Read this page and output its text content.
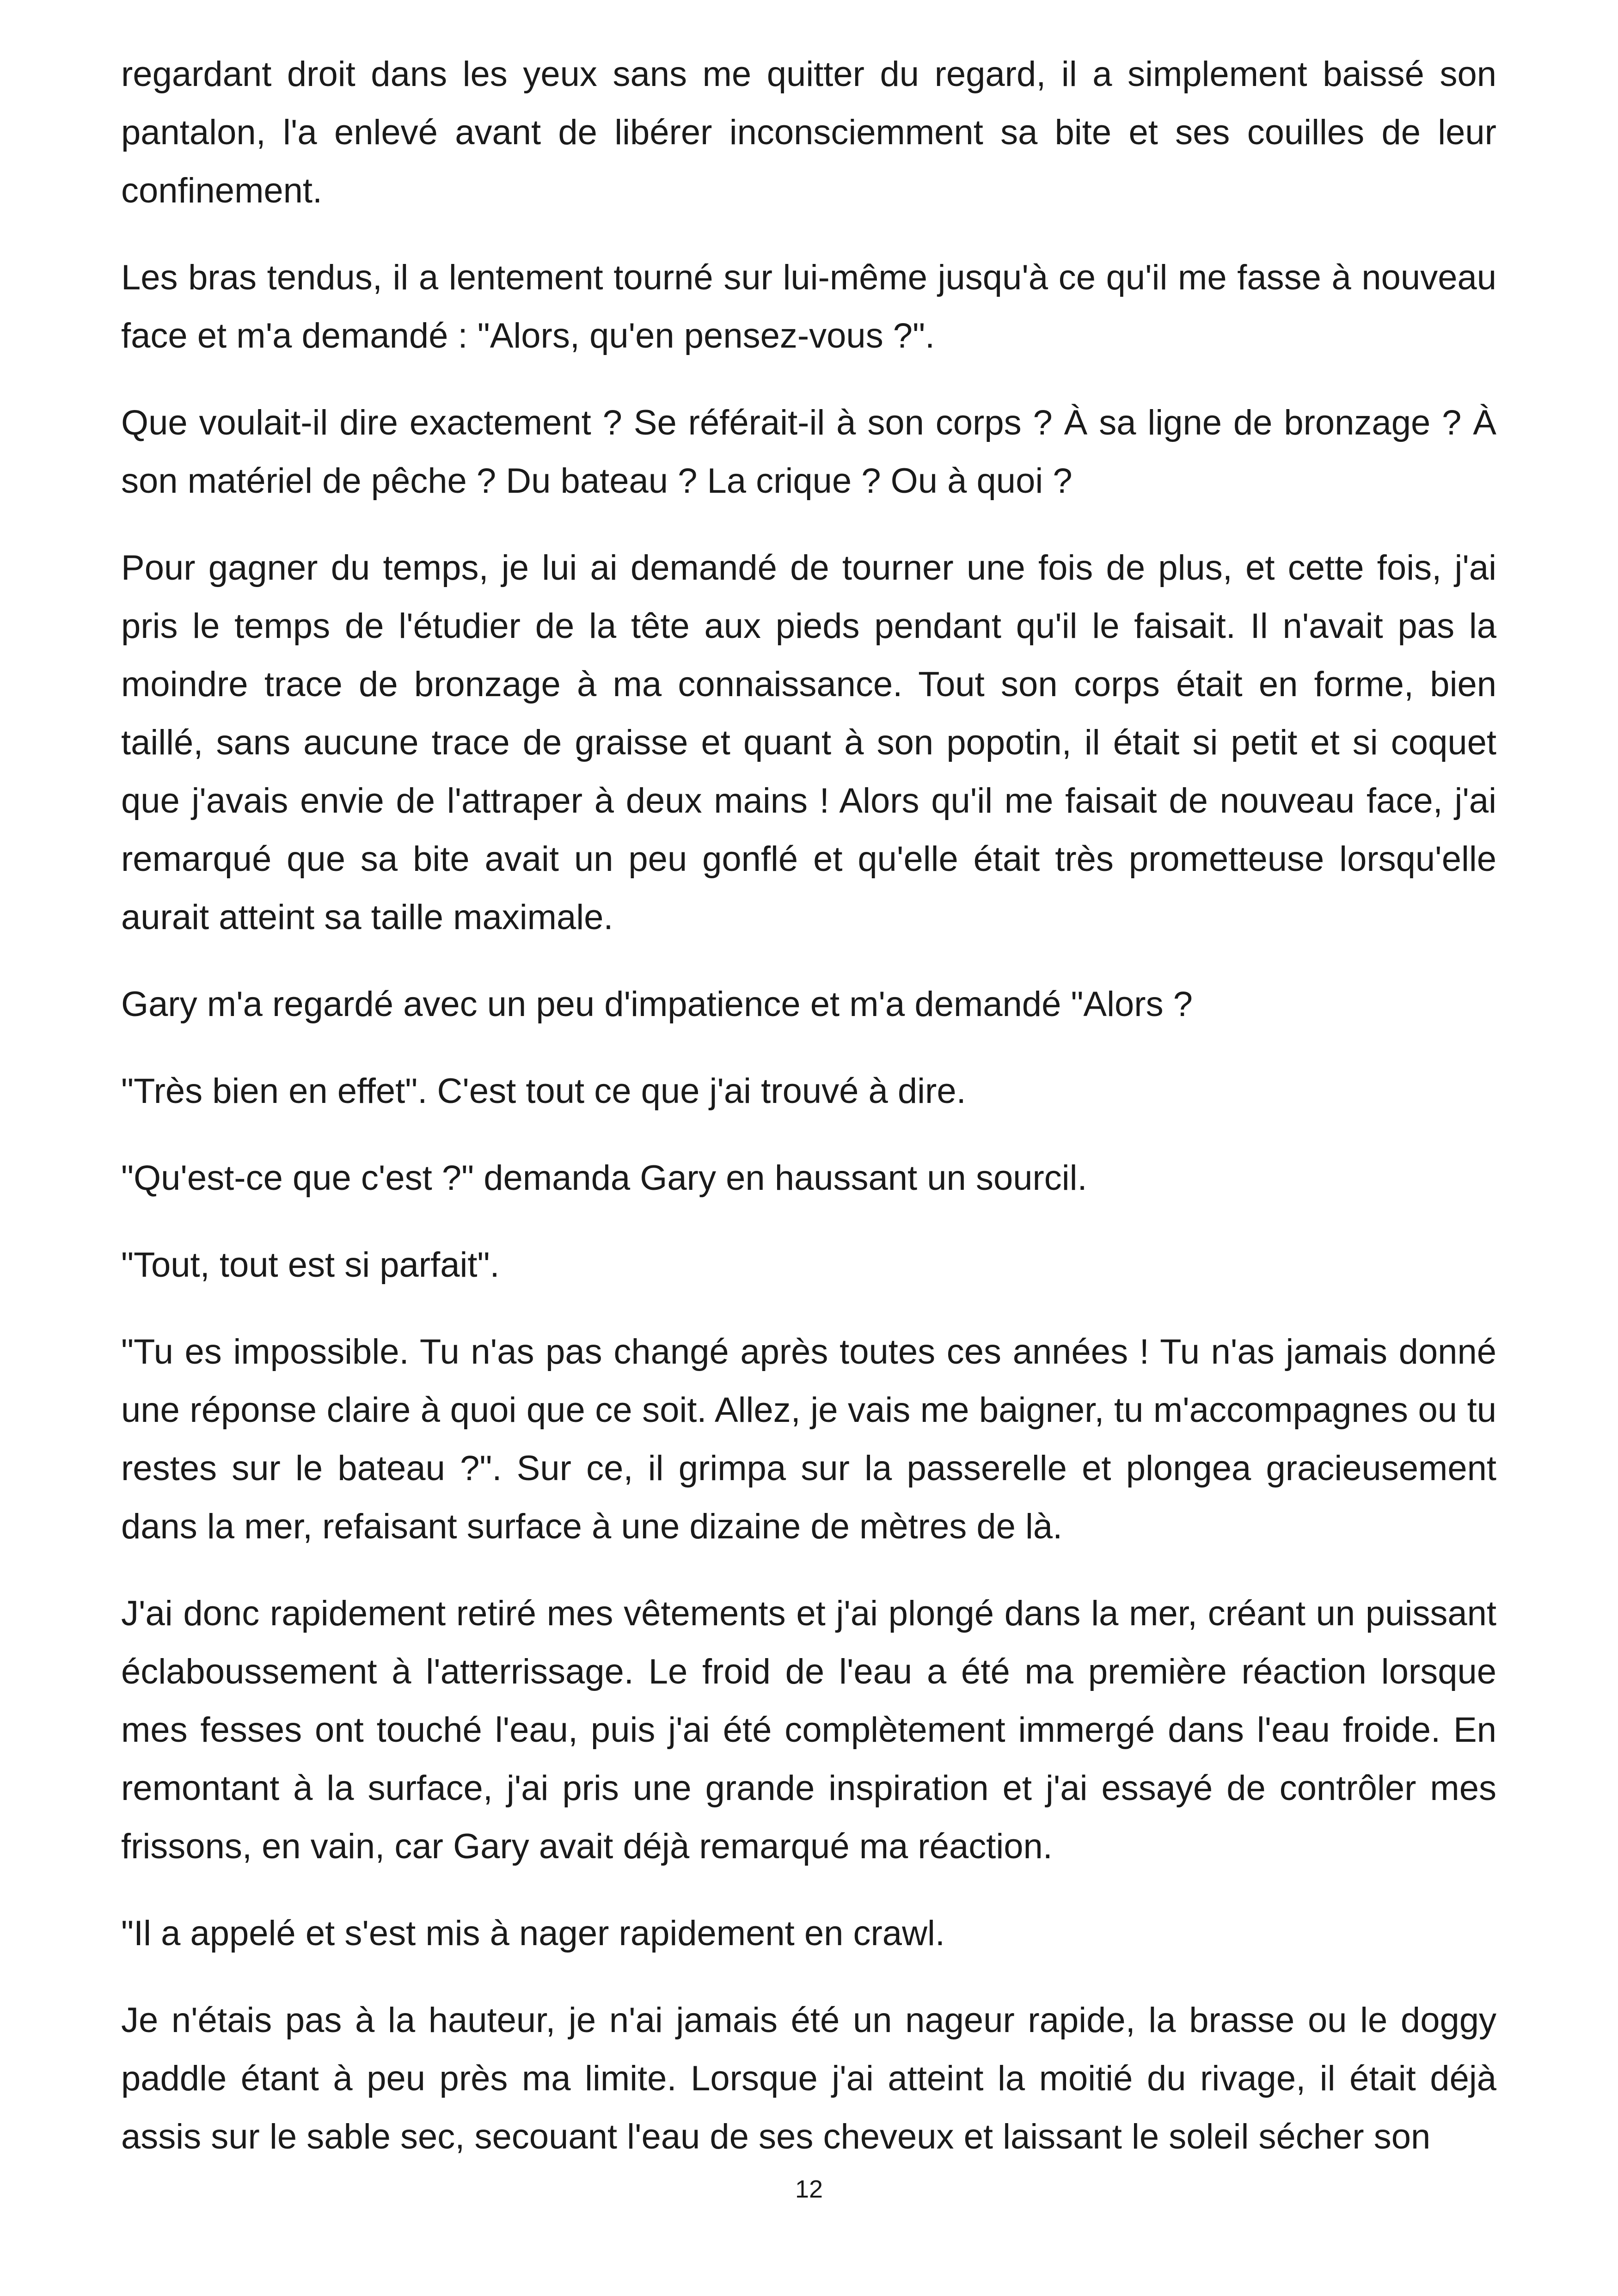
regardant droit dans les yeux sans me quitter du regard, il a simplement baissé son pantalon, l'a enlevé avant de libérer inconsciemment sa bite et ses couilles de leur confinement.

Les bras tendus, il a lentement tourné sur lui-même jusqu'à ce qu'il me fasse à nouveau face et m'a demandé : "Alors, qu'en pensez-vous ?".

Que voulait-il dire exactement ? Se référait-il à son corps ? À sa ligne de bronzage ? À son matériel de pêche ? Du bateau ? La crique ? Ou à quoi ?

Pour gagner du temps, je lui ai demandé de tourner une fois de plus, et cette fois, j'ai pris le temps de l'étudier de la tête aux pieds pendant qu'il le faisait. Il n'avait pas la moindre trace de bronzage à ma connaissance. Tout son corps était en forme, bien taillé, sans aucune trace de graisse et quant à son popotin, il était si petit et si coquet que j'avais envie de l'attraper à deux mains ! Alors qu'il me faisait de nouveau face, j'ai remarqué que sa bite avait un peu gonflé et qu'elle était très prometteuse lorsqu'elle aurait atteint sa taille maximale.

Gary m'a regardé avec un peu d'impatience et m'a demandé "Alors ?

"Très bien en effet". C'est tout ce que j'ai trouvé à dire.

"Qu'est-ce que c'est ?" demanda Gary en haussant un sourcil.

"Tout, tout est si parfait".

"Tu es impossible. Tu n'as pas changé après toutes ces années ! Tu n'as jamais donné une réponse claire à quoi que ce soit. Allez, je vais me baigner, tu m'accompagnes ou tu restes sur le bateau ?". Sur ce, il grimpa sur la passerelle et plongea gracieusement dans la mer, refaisant surface à une dizaine de mètres de là.

J'ai donc rapidement retiré mes vêtements et j'ai plongé dans la mer, créant un puissant éclaboussement à l'atterrissage. Le froid de l'eau a été ma première réaction lorsque mes fesses ont touché l'eau, puis j'ai été complètement immergé dans l'eau froide. En remontant à la surface, j'ai pris une grande inspiration et j'ai essayé de contrôler mes frissons, en vain, car Gary avait déjà remarqué ma réaction.

"Il a appelé et s'est mis à nager rapidement en crawl.

Je n'étais pas à la hauteur, je n'ai jamais été un nageur rapide, la brasse ou le doggy paddle étant à peu près ma limite. Lorsque j'ai atteint la moitié du rivage, il était déjà assis sur le sable sec, secouant l'eau de ses cheveux et laissant le soleil sécher son

12
